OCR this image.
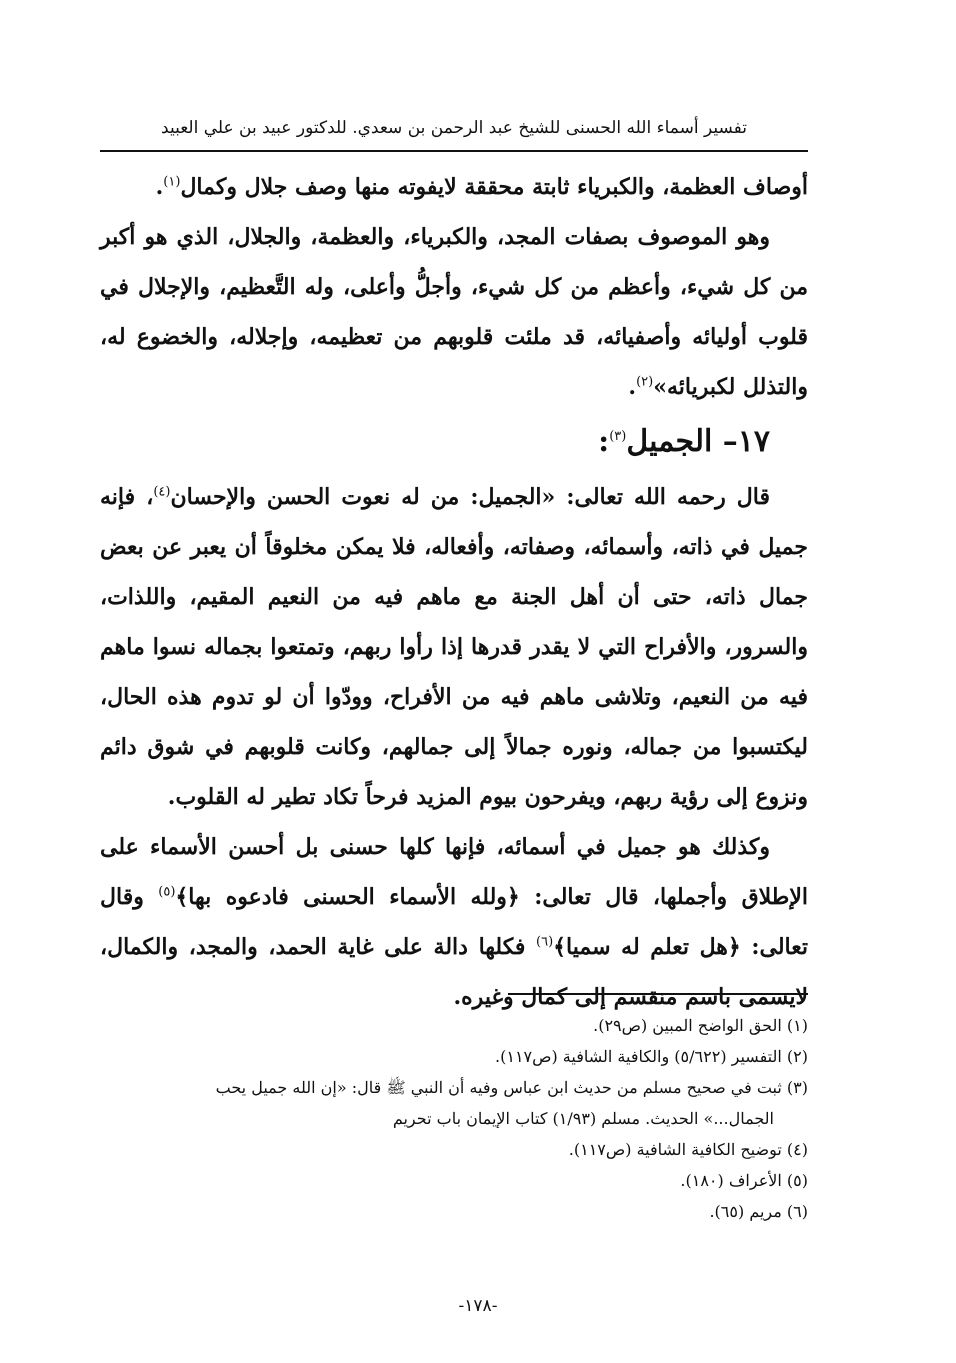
تفسير أسماء الله الحسنى للشيخ عبد الرحمن بن سعدي. للدكتور عبيد بن علي العبيد

أوصاف العظمة، والكبرياء ثابتة محققة لايفوته منها وصف جلال وكمال$^{(١)}$.

وهو الموصوف بصفات المجد، والكبرياء، والعظمة، والجلال، الذي هو أكبر من كل شيء، وأعظم من كل شيء، وأجلُّ وأعلى، وله التَّعظيم، والإجلال في قلوب أوليائه وأصفيائه، قد ملئت قلوبهم من تعظيمه، وإجلاله، والخضوع له، والتذلل لكبريائه»$^{(٢)}$.

١٧– الجميل$^{(٣)}$:

قال رحمه الله تعالى: «الجميل: من له نعوت الحسن والإحسان$^{(٤)}$، فإنه جميل في ذاته، وأسمائه، وصفاته، وأفعاله، فلا يمكن مخلوقاً أن يعبر عن بعض جمال ذاته، حتى أن أهل الجنة مع ماهم فيه من النعيم المقيم، واللذات، والسرور، والأفراح التي لا يقدر قدرها إذا رأوا ربهم، وتمتعوا بجماله نسوا ماهم فيه من النعيم، وتلاشى ماهم فيه من الأفراح، وودّوا أن لو تدوم هذه الحال، ليكتسبوا من جماله، ونوره جمالاً إلى جمالهم، وكانت قلوبهم في شوق دائم ونزوع إلى رؤية ربهم، ويفرحون بيوم المزيد فرحاً تكاد تطير له القلوب.

وكذلك هو جميل في أسمائه، فإنها كلها حسنى بل أحسن الأسماء على الإطلاق وأجملها، قال تعالى: ﴿ولله الأسماء الحسنى فادعوه بها﴾$^{(٥)}$ وقال تعالى: ﴿هل تعلم له سميا﴾$^{(٦)}$ فكلها دالة على غاية الحمد، والمجد، والكمال، لايسمى باسم منقسم إلى كمال وغيره.

(١) الحق الواضح المبين (ص٢٩).

(٢) التفسير (٥/٦٢٢) والكافية الشافية (ص١١٧).

(٣) ثبت في صحيح مسلم من حديث ابن عباس وفيه أن النبي ﷺ قال: «إن الله جميل يحب

الجمال...» الحديث. مسلم (١/٩٣) كتاب الإيمان باب تحريم

(٤) توضيح الكافية الشافية (ص١١٧).

(٥) الأعراف (١٨٠).

(٦) مريم (٦٥).

-١٧٨-
